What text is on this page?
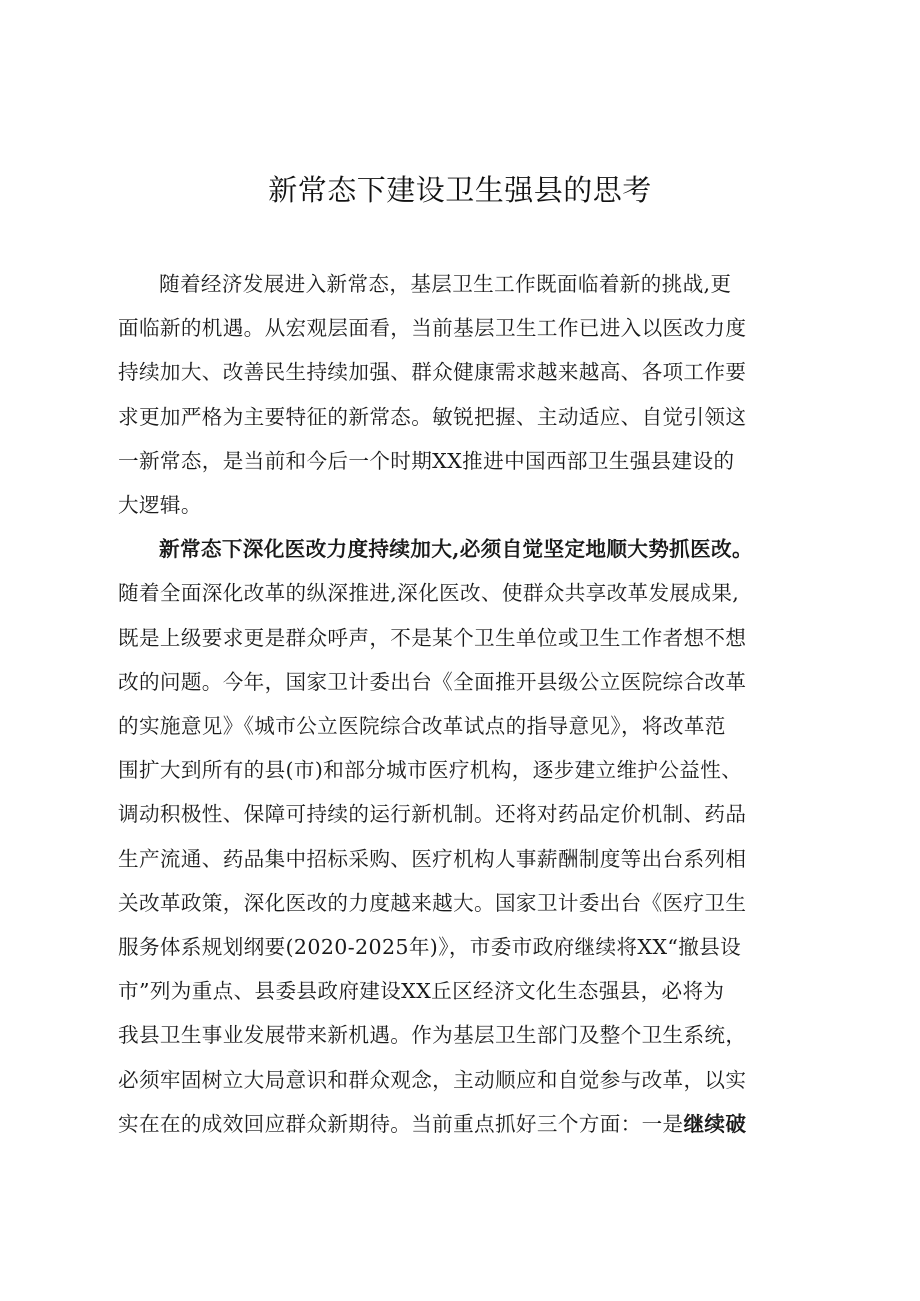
新常态下建设卫生强县的思考
随着经济发展进入新常态，基层卫生工作既面临着新的挑战,更
面临新的机遇。从宏观层面看，当前基层卫生工作已进入以医改力度
持续加大、改善民生持续加强、群众健康需求越来越高、各项工作要
求更加严格为主要特征的新常态。敏锐把握、主动适应、自觉引领这
一新常态，是当前和今后一个时期XX推进中国西部卫生强县建设的
大逻辑。
新常态下深化医改力度持续加大,必须自觉坚定地顺大势抓医改。
随着全面深化改革的纵深推进,深化医改、使群众共享改革发展成果,
既是上级要求更是群众呼声，不是某个卫生单位或卫生工作者想不想
改的问题。今年，国家卫计委出台《全面推开县级公立医院综合改革
的实施意见》《城市公立医院综合改革试点的指导意见》，将改革范
围扩大到所有的县(市)和部分城市医疗机构，逐步建立维护公益性、
调动积极性、保障可持续的运行新机制。还将对药品定价机制、药品
生产流通、药品集中招标采购、医疗机构人事薪酬制度等出台系列相
关改革政策，深化医改的力度越来越大。国家卫计委出台《医疗卫生
服务体系规划纲要(2020-2025年)》，市委市政府继续将XX“撤县设
市”列为重点、县委县政府建设XX丘区经济文化生态强县，必将为
我县卫生事业发展带来新机遇。作为基层卫生部门及整个卫生系统，
必须牢固树立大局意识和群众观念，主动顺应和自觉参与改革，以实
实在在的成效回应群众新期待。当前重点抓好三个方面：一是继续破
